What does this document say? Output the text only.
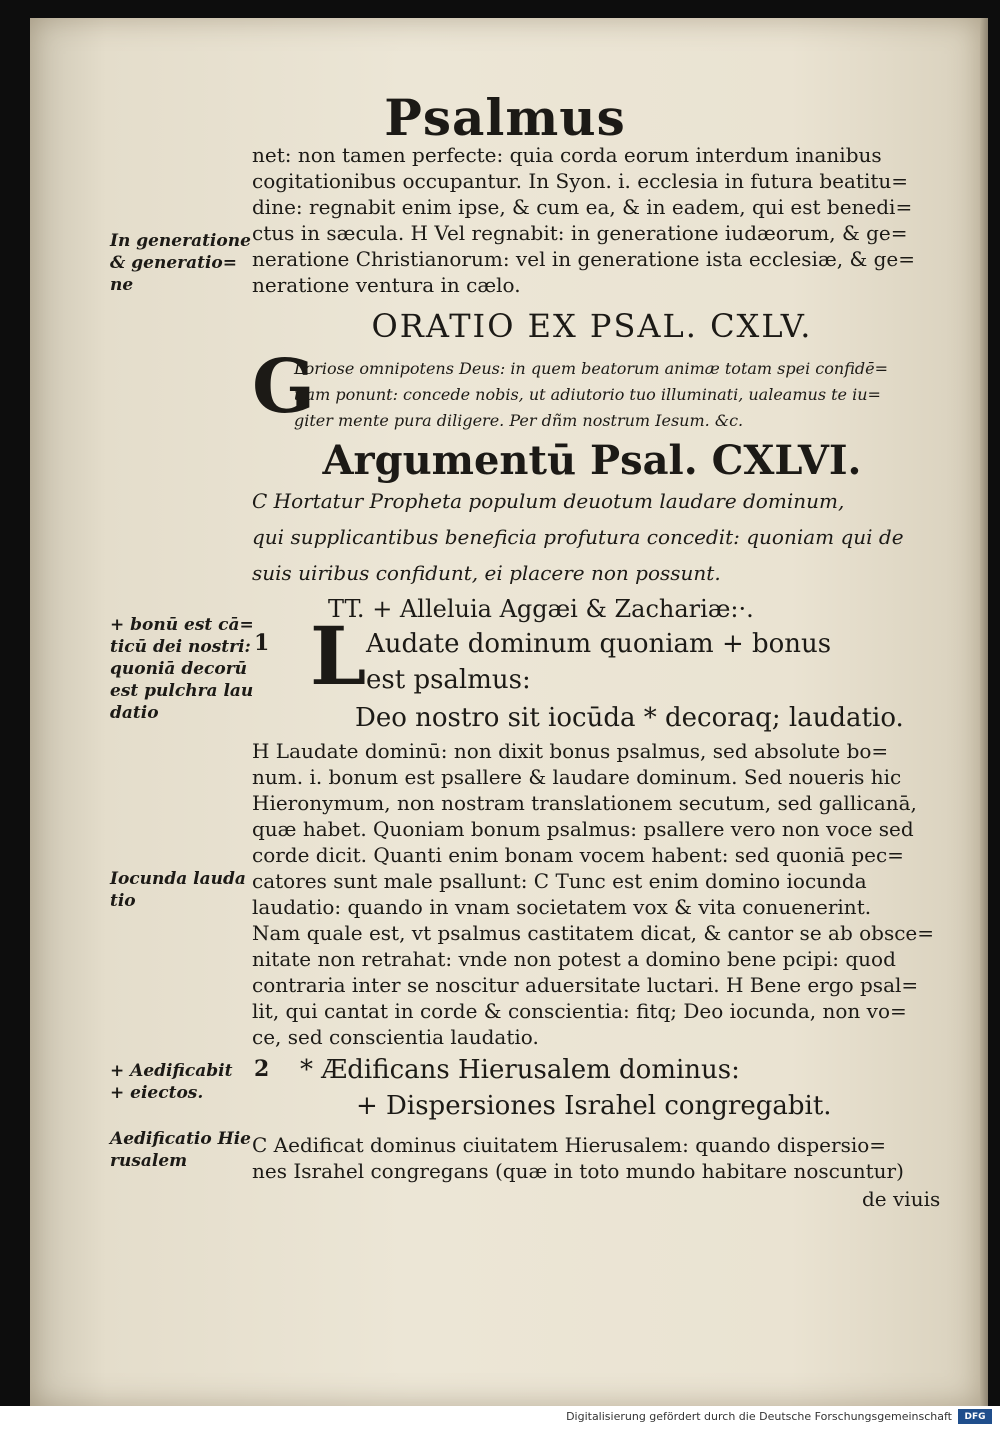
Psalmus
net: non tamen perfecte: quia corda eorum interdum inanibus
cogitationibus occupantur. In Syon. i. ecclesia in futura beatitu=
dine: regnabit enim ipse, & cum ea, & in eadem, qui est benedi=
ctus in sæcula. H Vel regnabit: in generatione iudæorum, & ge=
neratione Christianorum: vel in generatione ista ecclesiæ, & ge=
neratione ventura in cælo.
In generatione
& generatio=
ne
ORATIO EX PSAL. CXLV.
G
Loriose omnipotens Deus: in quem beatorum animæ totam spei confidē=
tiam ponunt: concede nobis, ut adiutorio tuo illuminati, ualeamus te iu=
giter mente pura diligere. Per dñm nostrum Iesum. &c.
Argumentū Psal. CXLVI.
C Hortatur Propheta populum deuotum laudare dominum,
qui supplicantibus beneficia profutura concedit: quoniam qui de
suis uiribus confidunt, ei placere non possunt.
TT. + Alleluia Aggæi & Zachariæ:·.
+ bonū est cā=
ticū dei nostri:
quoniā decorū
est pulchra lau
datio
1 L Audate dominum quoniam + bonus
est psalmus:
Deo nostro sit iocūda * decoraq; laudatio.
H Laudate dominū: non dixit bonus psalmus, sed absolute bo=
num. i. bonum est psallere & laudare dominum. Sed noueris hic
Hieronymum, non nostram translationem secutum, sed gallicanā,
quæ habet. Quoniam bonum psalmus: psallere vero non voce sed
corde dicit. Quanti enim bonam vocem habent: sed quoniā pec=
catores sunt male psallunt: C Tunc est enim domino iocunda
laudatio: quando in vnam societatem vox & vita conuenerint.
Nam quale est, vt psalmus castitatem dicat, & cantor se ab obsce=
nitate non retrahat: vnde non potest a domino bene pcipi: quod
contraria inter se noscitur aduersitate luctari. H Bene ergo psal=
lit, qui cantat in corde & conscientia: fitq; Deo iocunda, non vo=
ce, sed conscientia laudatio.
Iocunda lauda
tio
2 * Ædificans Hierusalem dominus:
+ Dispersiones Israhel congregabit.
+ Aedificabit
+ eiectos.
Aedificatio Hie
rusalem
C Aedificat dominus ciuitatem Hierusalem: quando dispersio=
nes Israhel congregans (quæ in toto mundo habitare noscuntur)
de viuis
Digitalisierung gefördert durch die Deutsche Forschungsgemeinschaft	DFG
